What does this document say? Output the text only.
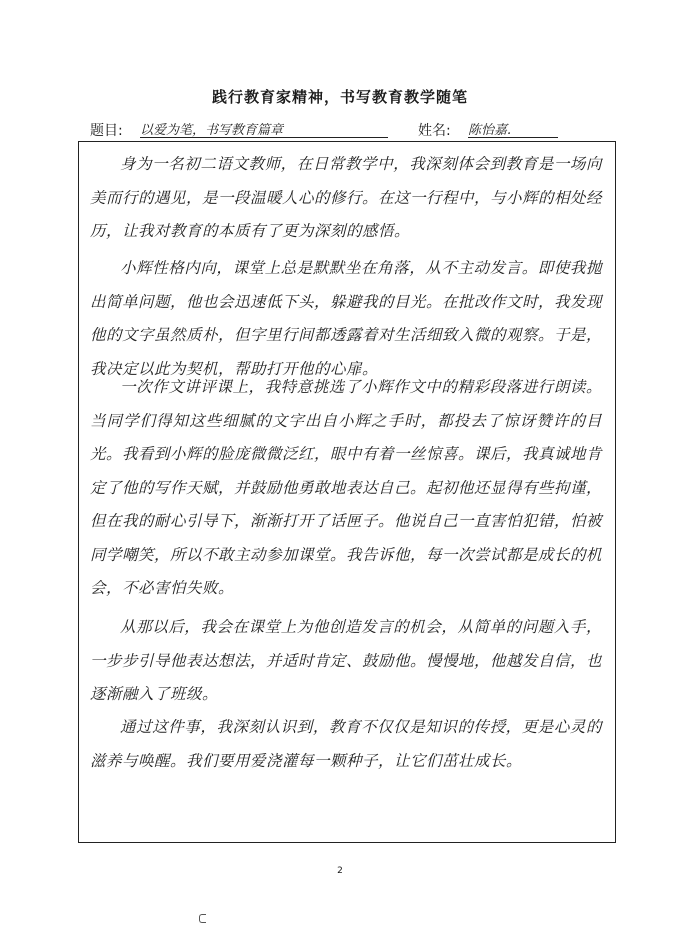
践行教育家精神，书写教育教学随笔
题目: 以爱为笔，书写教育篇章	姓名: 陈怡嘉.
身为一名初二语文教师，在日常教学中，我深刻体会到教育是一场向美而行的遇见，是一段温暖人心的修行。在这一行程中，与小辉的相处经历，让我对教育的本质有了更为深刻的感悟。
小辉性格内向，课堂上总是默默坐在角落，从不主动发言。即使我抛出简单问题，他也会迅速低下头，躲避我的目光。在批改作文时，我发现他的文字虽然质朴，但字里行间都透露着对生活细致入微的观察。于是，我决定以此为契机，帮助打开他的心扉。
一次作文讲评课上，我特意挑选了小辉作文中的精彩段落进行朗读。当同学们得知这些细腻的文字出自小辉之手时，都投去了惊讶赞许的目光。我看到小辉的脸庞微微泛红，眼中有着一丝惊喜。课后，我真诚地肯定了他的写作天赋，并鼓励他勇敢地表达自己。起初他还显得有些拘谨，但在我的耐心引导下，渐渐打开了话匣子。他说自己一直害怕犯错，怕被同学嘲笑，所以不敢主动参加课堂。我告诉他，每一次尝试都是成长的机会，不必害怕失败。
从那以后，我会在课堂上为他创造发言的机会，从简单的问题入手，一步步引导他表达想法，并适时肯定、鼓励他。慢慢地，他越发自信，也逐渐融入了班级。
通过这件事，我深刻认识到，教育不仅仅是知识的传授，更是心灵的滋养与唤醒。我们要用爱浇灌每一颗种子，让它们茁壮成长。
2
